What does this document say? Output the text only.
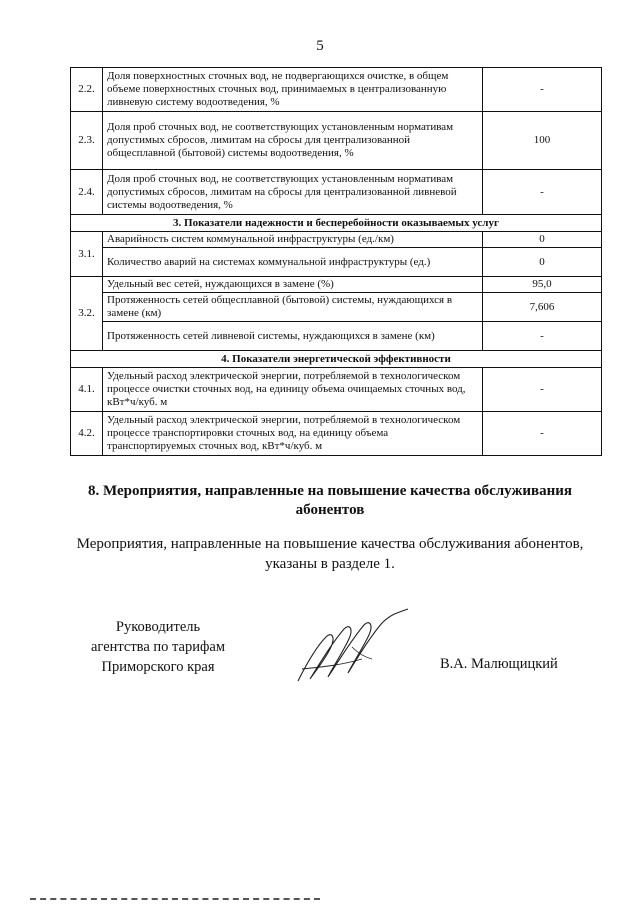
5
2.2.	Доля поверхностных сточных вод, не подвергающихся очистке, в общем объеме поверхностных сточных вод, принимаемых в централизованную ливневую систему водоотведения, %	-
2.3.	Доля проб сточных вод, не соответствующих установленным нормативам допустимых сбросов, лимитам на сбросы для централизованной общесплавной (бытовой) системы водоотведения, %	100
2.4.	Доля проб сточных вод, не соответствующих установленным нормативам допустимых сбросов, лимитам на сбросы для централизованной ливневой системы водоотведения, %	-
3. Показатели надежности и бесперебойности оказываемых услуг		
3.1.	Аварийность систем коммунальной инфраструктуры (ед./км)	0
	Количество аварий на системах коммунальной инфраструктуры (ед.)	0
3.2.	Удельный вес сетей, нуждающихся в замене (%)	95,0
	Протяженность сетей общесплавной (бытовой) системы, нуждающихся в замене (км)	7,606
	Протяженность сетей ливневой системы, нуждающихся в замене (км)	-
4. Показатели энергетической эффективности		
4.1.	Удельный расход электрической энергии, потребляемой в технологическом процессе очистки сточных вод, на единицу объема очищаемых сточных вод, кВт*ч/куб. м	-
4.2.	Удельный расход электрической энергии, потребляемой в технологическом процессе транспортировки сточных вод, на единицу объема транспортируемых сточных вод, кВт*ч/куб. м	-
8. Мероприятия, направленные на повышение качества обслуживания абонентов
Мероприятия, направленные на повышение качества обслуживания абонентов, указаны в разделе 1.
Руководитель
агентства по тарифам
Приморского края	В.А. Малющицкий
